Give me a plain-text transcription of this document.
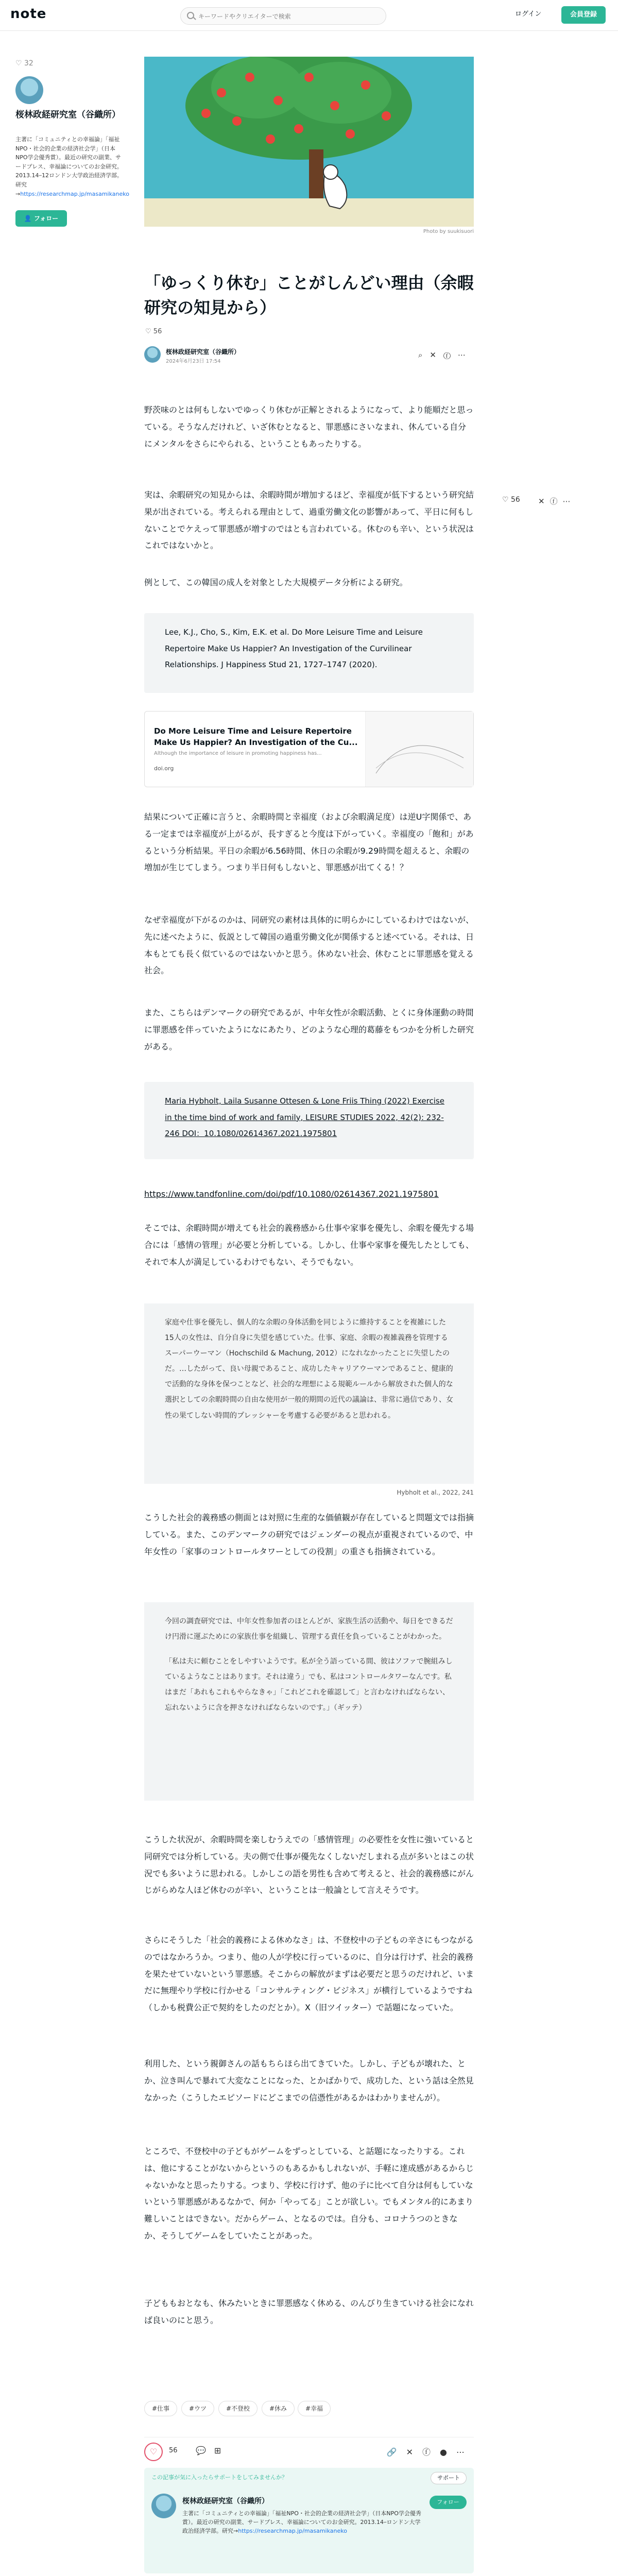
note
キーワードやクリエイターで検索	ログイン	会員登録
♡ 32
桜林政経研究室（谷織所）
主著に「コミュニティとの幸福論」「福祉NPO・社会的企業の経済社会学」（日本NPO学会優秀賞）。最近の研究の副業、サードプレス、幸福論についてのお金研究。2013.14ｰ12ロンドン大学政治経済学部。研究→https://researchmap.jp/masamikaneko
👤 フォロー
Photo by suukisuori
「ゆっくり休む」ことがしんどい理由（余暇研究の知見から）
♡ 56
桜林政経研究室（谷織所）
2024年6月23日 17:54
⌕✕ⓕ⋯
♡ 56 ✕ⓕ⋯

野茨味のとは何もしないでゆっくり休むが正解とされるようになって、より能順だと思っている。そうなんだけれど、いざ休むとなると、罪悪感にさいなまれ、休んている自分にメンタルをさらにやられる、ということもあったりする。

実は、余暇研究の知見からは、余暇時間が増加するほど、幸福度が低下するという研究結果が出されている。考えられる理由として、過重労働文化の影響があって、平日に何もしないことでケえって罪悪感が増すのではとも言われている。休むのも辛い、という状況はこれではないかと。

例として、この韓国の成人を対象とした大規模データ分析による研究。

Lee, K.J., Cho, S., Kim, E.K. et al. Do More Leisure Time and Leisure Repertoire Make Us Happier? An Investigation of the Curvilinear Relationships. J Happiness Stud 21, 1727–1747 (2020).
Do More Leisure Time and Leisure Repertoire Make Us Happier? An Investigation of the Cu...
Although the importance of leisure in promoting happiness has...
doi.org

結果について正確に言うと、余暇時間と幸福度（および余暇満足度）は逆U字関係で、ある一定までは幸福度が上がるが、長すぎると今度は下がっていく。幸福度の「飽和」があるという分析結果。平日の余暇が6.56時間、休日の余暇が9.29時間を超えると、余暇の増加が生じてしまう。つまり半日何もしないと、罪悪感が出てくる！？

なぜ幸福度が下がるのかは、同研究の素材は具体的に明らかにしているわけではないが、先に述べたように、仮説として韓国の過重労働文化が関係すると述べている。それは、日本もとても長く似ているのではないかと思う。休めない社会、休むことに罪悪感を覚える社会。

また、こちらはデンマークの研究であるが、中年女性が余暇活動、とくに身体運動の時間に罪悪感を伴っていたようになにあたり、どのような心理的葛藤をもつかを分析した研究がある。

Maria Hybholt, Laila Susanne Ottesen & Lone Friis Thing (2022) Exercise in the time bind of work and family, LEISURE STUDIES 2022, 42(2): 232-246 DOI：10.1080/02614367.2021.1975801
https://www.tandfonline.com/doi/pdf/10.1080/02614367.2021.1975801

そこでは、余暇時間が増えても社会的義務感から仕事や家事を優先し、余暇を優先する場合には「感情の管理」が必要と分析している。しかし、仕事や家事を優先したとしても、それで本人が満足しているわけでもない、そうでもない。

家庭や仕事を優先し、個人的な余暇の身体活動を同じように維持することを複雑にした15人の女性は、自分自身に失望を感じていた。仕事、家庭、余暇の複雑義務を管理するスーパーウーマン（Hochschild & Machung, 2012）になれなかったことに失望したのだ。…したがって、良い母親であること、成功したキャリアウーマンであること、健康的で活動的な身体を保つことなど、社会的な理想による規範ルールから解放された個人的な選択としての余暇時間の自由な使用が一般的期間の近代の議論は、非常に過信であり、女性の果てしない時間的プレッシャーを考慮する必要があると思われる。
Hybholt et al., 2022, 241

こうした社会的義務感の側面とは対照に生産的な価値観が存在していると問題文では指摘している。また、このデンマークの研究ではジェンダーの視点が重視されているので、中年女性の「家事のコントロールタワーとしての役割」の重さも指摘されている。

今回の調査研究では、中年女性参加者のほとんどが、家族生活の活動や、毎日をできるだけ円滑に運ぶためにの家族仕事を組織し、管理する責任を負っていることがわかった。
「私は夫に頼むことをしやすいようです。私が全う語っている間、彼はソファで腕組みしているようなことはあります。それは違う」でも、私はコントロールタワーなんです。私はまだ「あれもこれもやらなきゃ」「これどこれを確認して」と言わなければならない、忘れないように含を押さなければならないのです。」（ギッテ）

こうした状況が、余暇時間を楽しむうえでの「感情管理」の必要性を女性に強いていると同研究では分析している。夫の側で仕事が優先なくしないだしまれる点が多いとはこの状況でも多いように思われる。しかしこの語を男性も含めて考えると、社会的義務感にがんじがらめな人ほど休むのが辛い、ということは一般論として言えそうです。

さらにそうした「社会的義務による休めなさ」は、不登校中の子どもの辛さにもつながるのではなかろうか。つまり、他の人が学校に行っているのに、自分は行けず、社会的義務を果たせていないという罪悪感。そこからの解放がまずは必要だと思うのだけれど、いまだに無理やり学校に行かせる「コンサルティング・ビジネス」が横行しているようですね（しかも税費公正で契約をしたのだとか）。X（旧ツイッター）で話題になっていた。

利用した、という親御さんの話もちらほら出てきていた。しかし、子どもが壊れた、とか、泣き叫んで暴れて大変なことになった、とかばかりで、成功した、という話は全然見なかった（こうしたエピソードにどこまでの信憑性があるかはわかりませんが）。

ところで、不登校中の子どもがゲームをずっとしている、と話題になったりする。これは、他にすることがないからというのもあるかもしれないが、手軽に達成感があるからじゃないかなと思ったりする。つまり、学校に行けず、他の子に比べて自分は何もしていないという罪悪感があるなかで、何か「やってる」ことが欲しい。でもメンタル的にあまり難しいことはできない。だからゲーム、となるのでは。自分も、コロナうつのときなか、そうしてゲームをしていたことがあった。

子どももおとなも、休みたいときに罪悪感なく休める、のんびり生きていける社会になれば良いのにと思う。

#仕事	#ウツ	#不登校	#休み	#幸福
♡	56 💬⊞	🔗✕ⓕ●⋯
この記事が気に入ったらサポートをしてみませんか？	サポート
桜林政経研究室（谷織所）	フォロー
主著に「コミュニティとの幸福論」「福祉NPO・社会的企業の経済社会学」（日本NPO学会優秀賞）。最近の研究の副業、サードプレス、幸福論についてのお金研究。2013.14ｰロンドン大学政治経済学部。研究→https://researchmap.jp/masamikaneko
